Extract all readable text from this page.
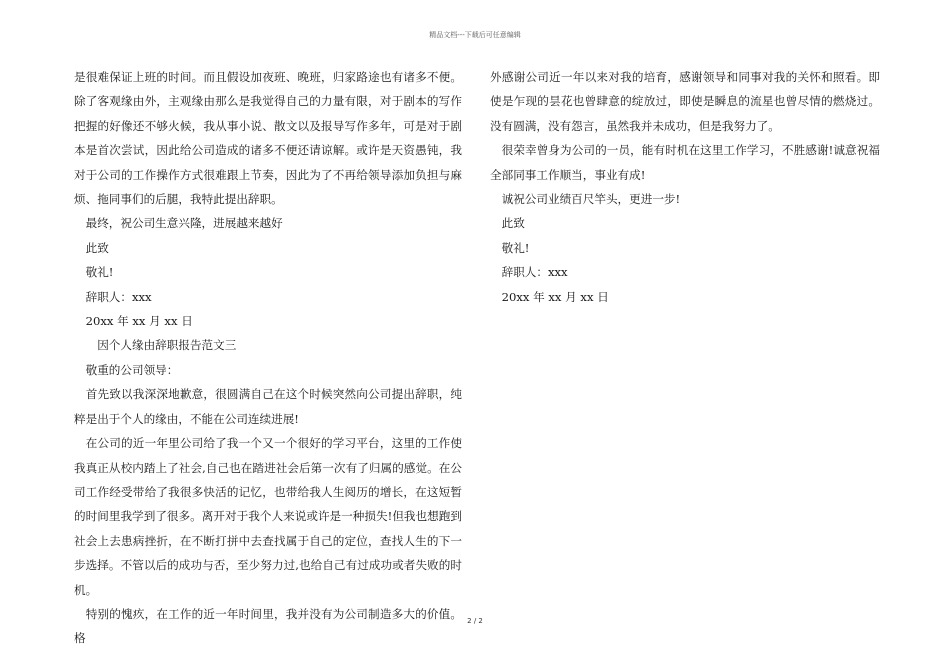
精品文档---下载后可任意编辑

是很难保证上班的时间。而且假设加夜班、晚班，归家路途也有诸多不便。除了客观缘由外，主观缘由那么是我觉得自己的力量有限，对于剧本的写作把握的好像还不够火候，我从事小说、散文以及报导写作多年，可是对于剧本是首次尝试，因此给公司造成的诸多不便还请谅解。或许是天资愚钝，我对于公司的工作操作方式很难跟上节奏，因此为了不再给领导添加负担与麻烦、拖同事们的后腿，我特此提出辞职。

　最终，祝公司生意兴隆，进展越来越好

　此致

　敬礼!

　辞职人：xxx

　20xx 年 xx 月 xx 日

　　因个人缘由辞职报告范文三

　敬重的公司领导：

　首先致以我深深地歉意，很圆满自己在这个时候突然向公司提出辞职，纯粹是出于个人的缘由，不能在公司连续进展!

　在公司的近一年里公司给了我一个又一个很好的学习平台，这里的工作使我真正从校内踏上了社会,自己也在踏进社会后第一次有了归属的感觉。在公司工作经受带给了我很多快活的记忆，也带给我人生阅历的增长，在这短暂的时间里我学到了很多。离开对于我个人来说或许是一种损失!但我也想跑到社会上去患病挫折，在不断打拼中去查找属于自己的定位，查找人生的下一步选择。不管以后的成功与否，至少努力过,也给自己有过成功或者失败的时机。

　特别的愧疚，在工作的近一年时间里，我并没有为公司制造多大的价值。格

外感谢公司近一年以来对我的培育，感谢领导和同事对我的关怀和照看。即使是乍现的昙花也曾肆意的绽放过，即使是瞬息的流星也曾尽情的燃烧过。没有圆满，没有怨言，虽然我并未成功，但是我努力了。

　很荣幸曾身为公司的一员，能有时机在这里工作学习，不胜感谢!诚意祝福全部同事工作顺当，事业有成!

　诚祝公司业绩百尺竿头，更进一步!

　此致

　敬礼!

　辞职人：xxx

　20xx 年 xx 月 xx 日

2 / 2
